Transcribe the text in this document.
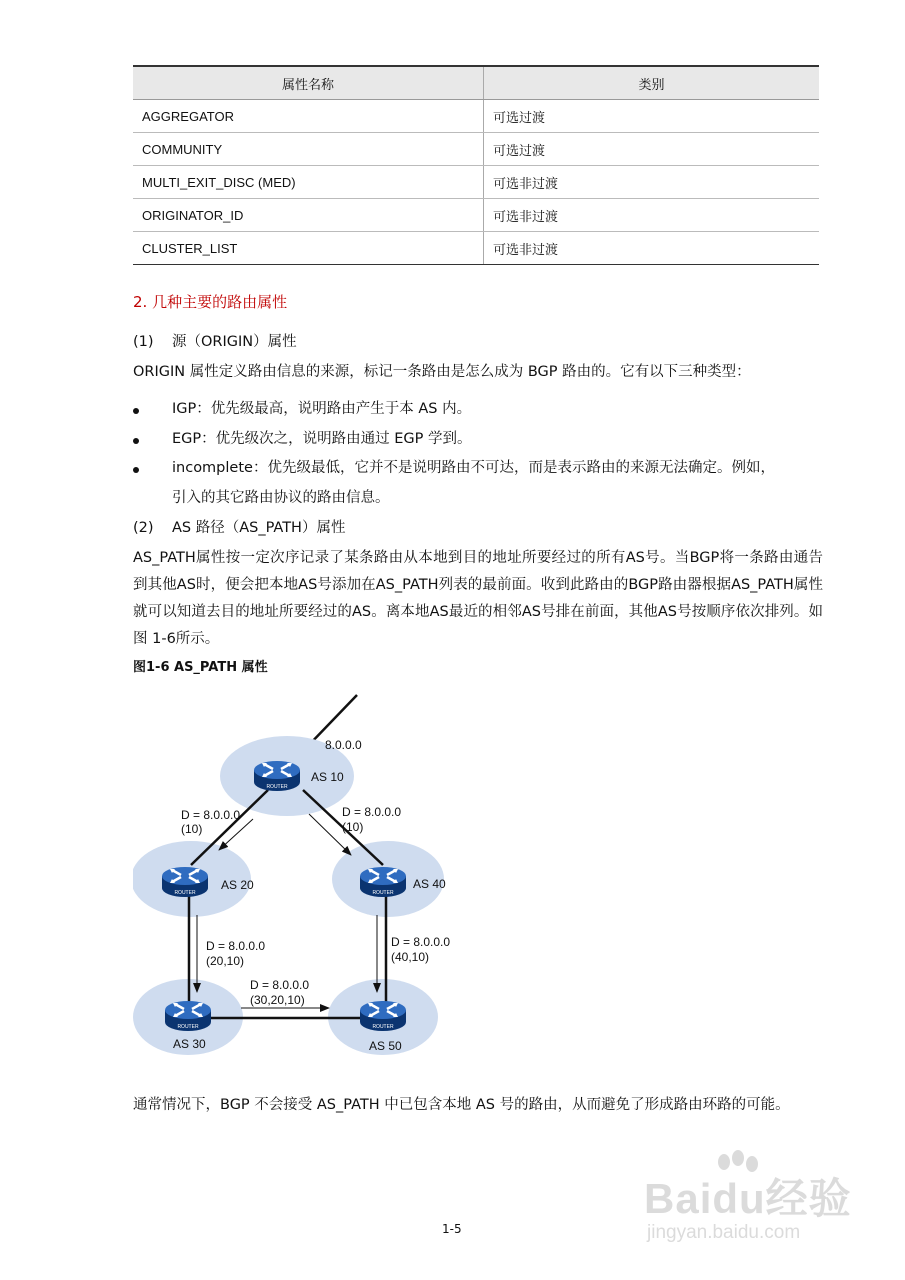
属性名称	类别
AGGREGATOR	可选过渡
COMMUNITY	可选过渡
MULTI_EXIT_DISC (MED)	可选非过渡
ORIGINATOR_ID	可选非过渡
CLUSTER_LIST	可选非过渡
2. 几种主要的路由属性
(1)    源（ORIGIN）属性
ORIGIN 属性定义路由信息的来源，标记一条路由是怎么成为 BGP 路由的。它有以下三种类型：
IGP：优先级最高，说明路由产生于本 AS 内。
EGP：优先级次之，说明路由通过 EGP 学到。
incomplete：优先级最低，它并不是说明路由不可达，而是表示路由的来源无法确定。例如，
引入的其它路由协议的路由信息。
(2)    AS 路径（AS_PATH）属性
AS_PATH属性按一定次序记录了某条路由从本地到目的地址所要经过的所有AS号。当BGP将一条路由通告到其他AS时，便会把本地AS号添加在AS_PATH列表的最前面。收到此路由的BGP路由器根据AS_PATH属性就可以知道去目的地址所要经过的AS。离本地AS最近的相邻AS号排在前面，其他AS号按顺序依次排列。如 图 1-6所示。
图1-6 AS_PATH 属性
ROUTER
ROUTER	ROUTER
ROUTER	ROUTER
8.0.0.0
AS 10
AS 20	AS 40
AS 30	AS 50
D = 8.0.0.0
(10)
D = 8.0.0.0
(10)
D = 8.0.0.0
(20,10)
D = 8.0.0.0
(40,10)
D = 8.0.0.0
(30,20,10)
通常情况下，BGP 不会接受 AS_PATH 中已包含本地 AS 号的路由，从而避免了形成路由环路的可能。
1-5
Baidu经验
jingyan.baidu.com
